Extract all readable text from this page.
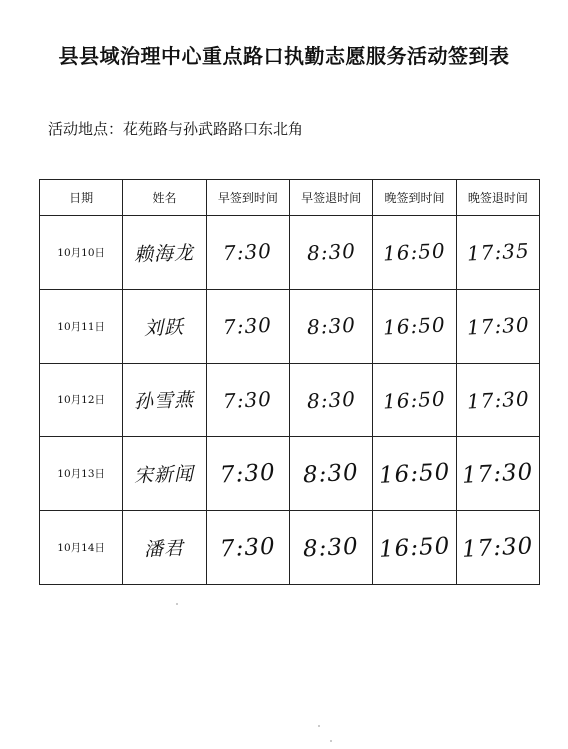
县县域治理中心重点路口执勤志愿服务活动签到表
活动地点：花苑路与孙武路路口东北角
日期	姓名	早签到时间	早签退时间	晚签到时间	晚签退时间
10月10日	赖海龙	7:30	8:30	16:50	17:35
10月11日	刘跃	7:30	8:30	16:50	17:30
10月12日	孙雪燕	7:30	8:30	16:50	17:30
10月13日	宋新闻	7:30	8:30	16:50	17:30
10月14日	潘君	7:30	8:30	16:50	17:30
